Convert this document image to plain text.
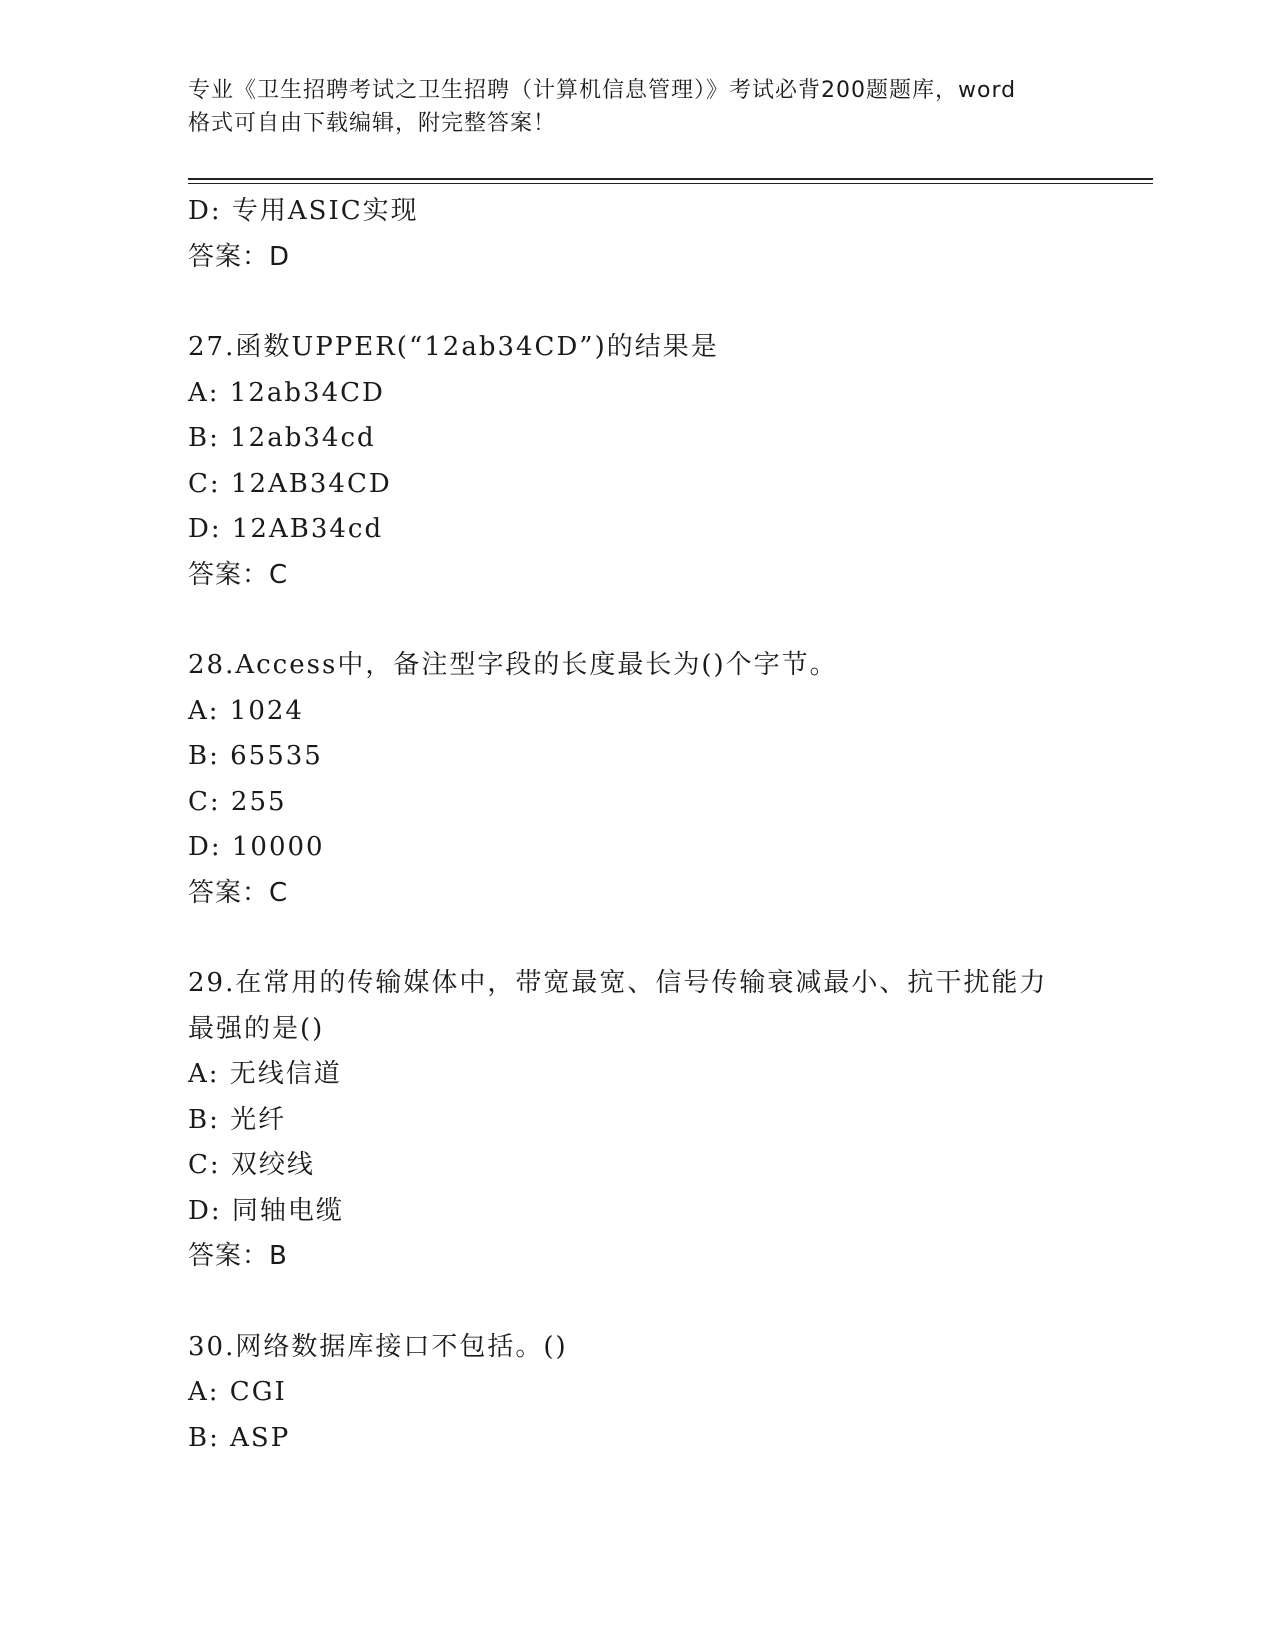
专业《卫生招聘考试之卫生招聘（计算机信息管理）》考试必背200题题库，word
格式可自由下载编辑，附完整答案！
D: 专用ASIC实现
答案：D
27.函数UPPER(“12ab34CD”)的结果是
A: 12ab34CD
B: 12ab34cd
C: 12AB34CD
D: 12AB34cd
答案：C
28.Access中，备注型字段的长度最长为()个字节。
A: 1024
B: 65535
C: 255
D: 10000
答案：C
29.在常用的传输媒体中，带宽最宽、信号传输衰减最小、抗干扰能力
最强的是()
A: 无线信道
B: 光纤
C: 双绞线
D: 同轴电缆
答案：B
30.网络数据库接口不包括。()
A: CGI
B: ASP
